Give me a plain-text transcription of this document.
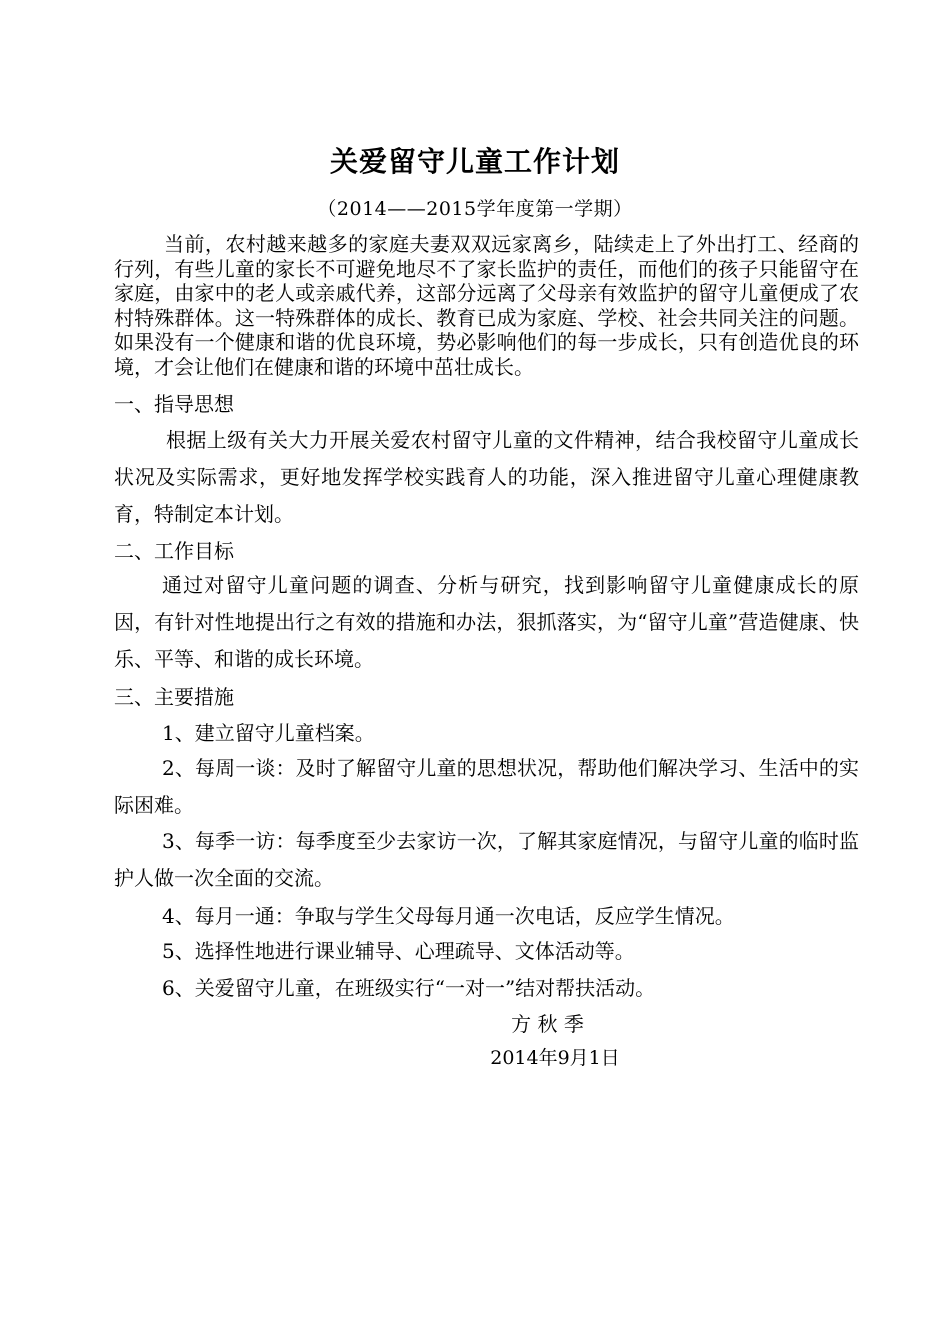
关爱留守儿童工作计划
（2014——2015学年度第一学期）

当前，农村越来越多的家庭夫妻双双远家离乡，陆续走上了外出打工、经商的行列，有些儿童的家长不可避免地尽不了家长监护的责任，而他们的孩子只能留守在家庭，由家中的老人或亲戚代养，这部分远离了父母亲有效监护的留守儿童便成了农村特殊群体。这一特殊群体的成长、教育已成为家庭、学校、社会共同关注的问题。如果没有一个健康和谐的优良环境，势必影响他们的每一步成长，只有创造优良的环境，才会让他们在健康和谐的环境中茁壮成长。

一、指导思想

根据上级有关大力开展关爱农村留守儿童的文件精神，结合我校留守儿童成长状况及实际需求，更好地发挥学校实践育人的功能，深入推进留守儿童心理健康教育，特制定本计划。

二、工作目标

通过对留守儿童问题的调查、分析与研究，找到影响留守儿童健康成长的原因，有针对性地提出行之有效的措施和办法，狠抓落实，为“留守儿童”营造健康、快乐、平等、和谐的成长环境。

三、主要措施

1、建立留守儿童档案。

2、每周一谈：及时了解留守儿童的思想状况，帮助他们解决学习、生活中的实际困难。

3、每季一访：每季度至少去家访一次，了解其家庭情况，与留守儿童的临时监护人做一次全面的交流。

4、每月一通：争取与学生父母每月通一次电话，反应学生情况。

5、选择性地进行课业辅导、心理疏导、文体活动等。

6、关爱留守儿童，在班级实行“一对一”结对帮扶活动。

方 秋 季
2014年9月1日
